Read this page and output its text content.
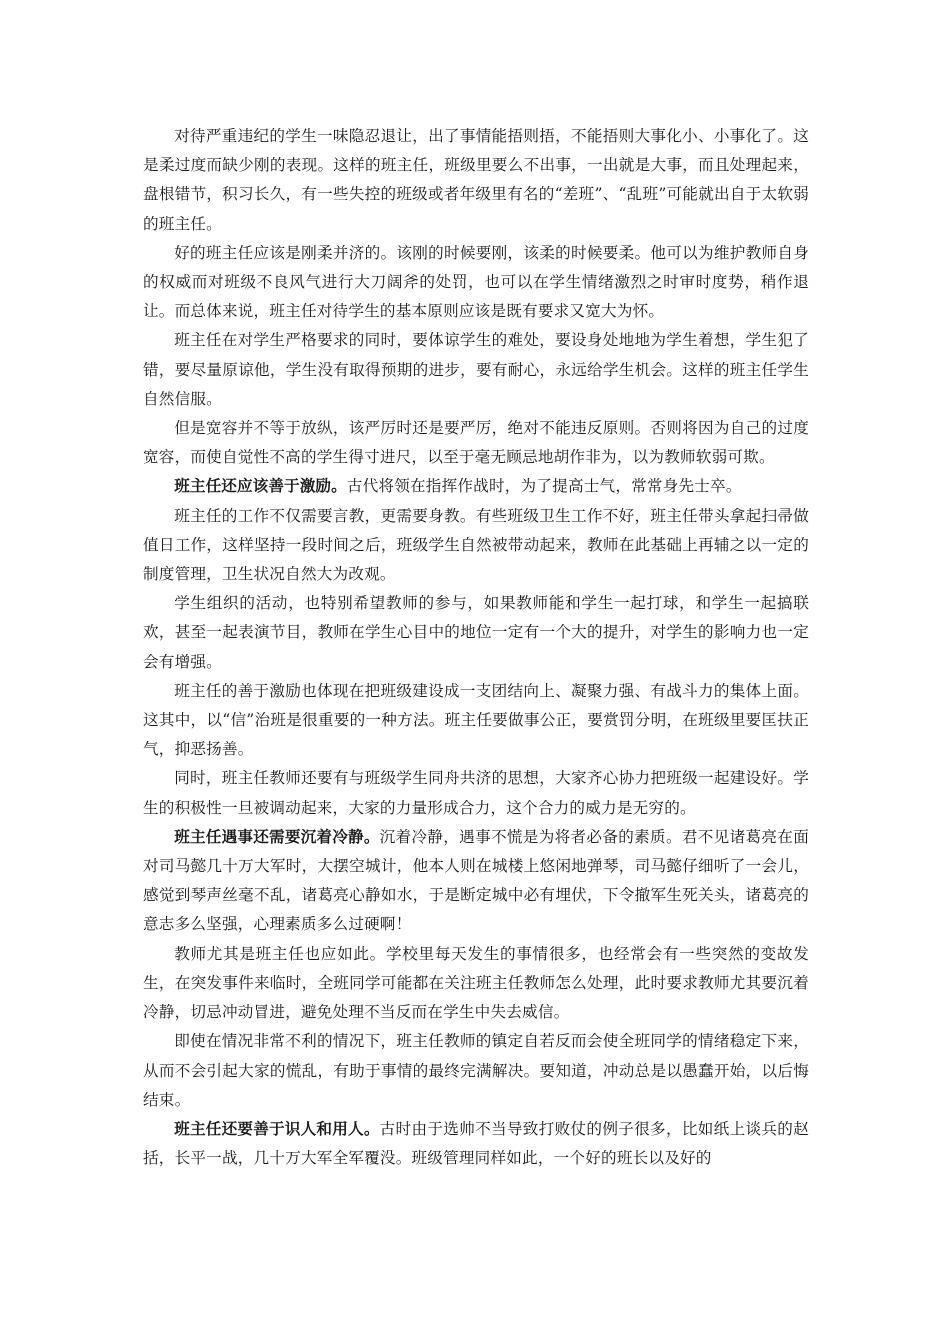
对待严重违纪的学生一味隐忍退让，出了事情能捂则捂，不能捂则大事化小、小事化了。这是柔过度而缺少刚的表现。这样的班主任，班级里要么不出事，一出就是大事，而且处理起来，盘根错节，积习长久，有一些失控的班级或者年级里有名的“差班”、“乱班”可能就出自于太软弱的班主任。

好的班主任应该是刚柔并济的。该刚的时候要刚，该柔的时候要柔。他可以为维护教师自身的权威而对班级不良风气进行大刀阔斧的处罚，也可以在学生情绪激烈之时审时度势，稍作退让。而总体来说，班主任对待学生的基本原则应该是既有要求又宽大为怀。

班主任在对学生严格要求的同时，要体谅学生的难处，要设身处地地为学生着想，学生犯了错，要尽量原谅他，学生没有取得预期的进步，要有耐心，永远给学生机会。这样的班主任学生自然信服。

但是宽容并不等于放纵，该严厉时还是要严厉，绝对不能违反原则。否则将因为自己的过度宽容，而使自觉性不高的学生得寸进尺，以至于毫无顾忌地胡作非为，以为教师软弱可欺。

班主任还应该善于激励。古代将领在指挥作战时，为了提高士气，常常身先士卒。

班主任的工作不仅需要言教，更需要身教。有些班级卫生工作不好，班主任带头拿起扫帚做值日工作，这样坚持一段时间之后，班级学生自然被带动起来，教师在此基础上再辅之以一定的制度管理，卫生状况自然大为改观。

学生组织的活动，也特别希望教师的参与，如果教师能和学生一起打球，和学生一起搞联欢，甚至一起表演节目，教师在学生心目中的地位一定有一个大的提升，对学生的影响力也一定会有增强。

班主任的善于激励也体现在把班级建设成一支团结向上、凝聚力强、有战斗力的集体上面。这其中，以“信”治班是很重要的一种方法。班主任要做事公正，要赏罚分明，在班级里要匡扶正气，抑恶扬善。

同时，班主任教师还要有与班级学生同舟共济的思想，大家齐心协力把班级一起建设好。学生的积极性一旦被调动起来，大家的力量形成合力，这个合力的威力是无穷的。

班主任遇事还需要沉着冷静。沉着冷静，遇事不慌是为将者必备的素质。君不见诸葛亮在面对司马懿几十万大军时，大摆空城计，他本人则在城楼上悠闲地弹琴，司马懿仔细听了一会儿，感觉到琴声丝毫不乱，诸葛亮心静如水，于是断定城中必有埋伏，下令撤军生死关头，诸葛亮的意志多么坚强，心理素质多么过硬啊！

教师尤其是班主任也应如此。学校里每天发生的事情很多，也经常会有一些突然的变故发生，在突发事件来临时，全班同学可能都在关注班主任教师怎么处理，此时要求教师尤其要沉着冷静，切忌冲动冒进，避免处理不当反而在学生中失去威信。

即使在情况非常不利的情况下，班主任教师的镇定自若反而会使全班同学的情绪稳定下来，从而不会引起大家的慌乱，有助于事情的最终完满解决。要知道，冲动总是以愚蠢开始，以后悔结束。

班主任还要善于识人和用人。古时由于选帅不当导致打败仗的例子很多，比如纸上谈兵的赵括，长平一战，几十万大军全军覆没。班级管理同样如此，一个好的班长以及好的
